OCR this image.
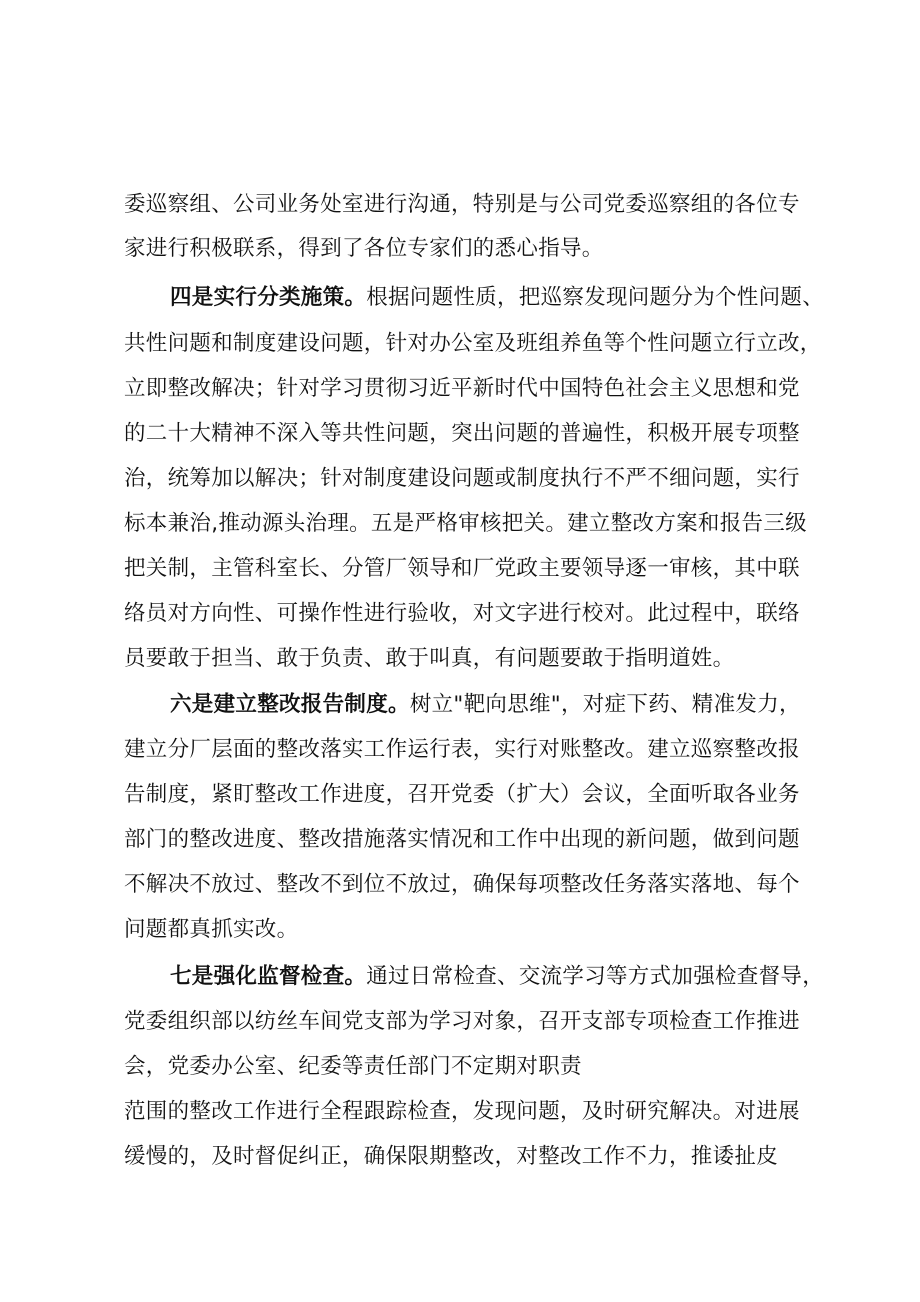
委巡察组、公司业务处室进行沟通，特别是与公司党委巡察组的各位专
家进行积极联系，得到了各位专家们的悉心指导。
四是实行分类施策。根据问题性质，把巡察发现问题分为个性问题、
共性问题和制度建设问题，针对办公室及班组养鱼等个性问题立行立改，
立即整改解决；针对学习贯彻习近平新时代中国特色社会主义思想和党
的二十大精神不深入等共性问题，突出问题的普遍性，积极开展专项整
治，统筹加以解决；针对制度建设问题或制度执行不严不细问题，实行
标本兼治,推动源头治理。五是严格审核把关。建立整改方案和报告三级
把关制，主管科室长、分管厂领导和厂党政主要领导逐一审核，其中联
络员对方向性、可操作性进行验收，对文字进行校对。此过程中，联络
员要敢于担当、敢于负责、敢于叫真，有问题要敢于指明道姓。
六是建立整改报告制度。树立"靶向思维"，对症下药、精准发力，
建立分厂层面的整改落实工作运行表，实行对账整改。建立巡察整改报
告制度，紧盯整改工作进度，召开党委（扩大）会议，全面听取各业务
部门的整改进度、整改措施落实情况和工作中出现的新问题，做到问题
不解决不放过、整改不到位不放过，确保每项整改任务落实落地、每个
问题都真抓实改。
七是强化监督检查。通过日常检查、交流学习等方式加强检查督导，
党委组织部以纺丝车间党支部为学习对象，召开支部专项检查工作推进
会，党委办公室、纪委等责任部门不定期对职责
范围的整改工作进行全程跟踪检查，发现问题，及时研究解决。对进展
缓慢的，及时督促纠正，确保限期整改，对整改工作不力，推诿扯皮
